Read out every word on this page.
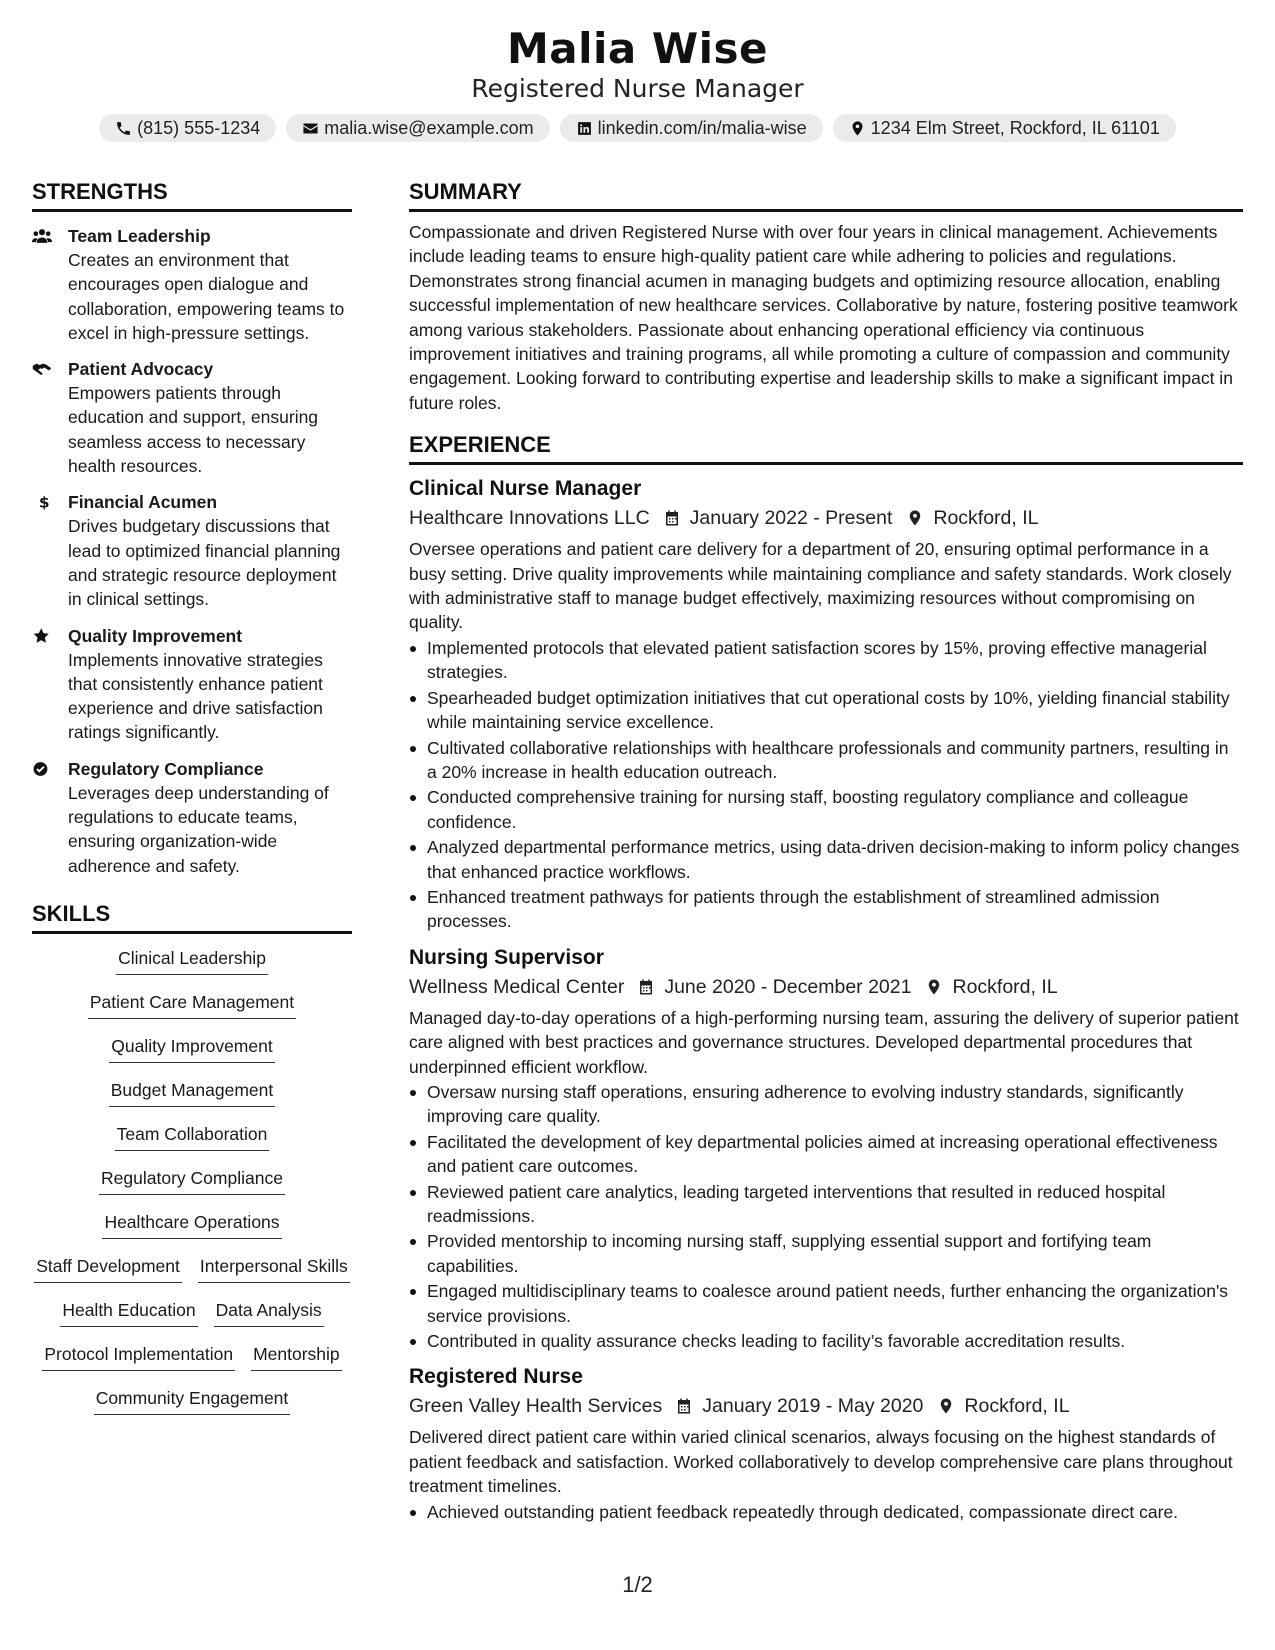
Malia Wise
Registered Nurse Manager
(815) 555-1234	malia.wise@example.com	linkedin.com/in/malia-wise	1234 Elm Street, Rockford, IL 61101
STRENGTHS
Team Leadership
Creates an environment that encourages open dialogue and collaboration, empowering teams to excel in high-pressure settings.
Patient Advocacy
Empowers patients through education and support, ensuring seamless access to necessary health resources.
$ Financial Acumen
Drives budgetary discussions that lead to optimized financial planning and strategic resource deployment in clinical settings.
Quality Improvement
Implements innovative strategies that consistently enhance patient experience and drive satisfaction ratings significantly.
Regulatory Compliance
Leverages deep understanding of regulations to educate teams, ensuring organization-wide adherence and safety.
SKILLS
Clinical Leadership
Patient Care Management
Quality Improvement
Budget Management
Team Collaboration
Regulatory Compliance
Healthcare Operations
Staff Development Interpersonal Skills
Health Education Data Analysis
Protocol Implementation Mentorship
Community Engagement
SUMMARY
Compassionate and driven Registered Nurse with over four years in clinical management. Achievements include leading teams to ensure high-quality patient care while adhering to policies and regulations. Demonstrates strong financial acumen in managing budgets and optimizing resource allocation, enabling successful implementation of new healthcare services. Collaborative by nature, fostering positive teamwork among various stakeholders. Passionate about enhancing operational efficiency via continuous improvement initiatives and training programs, all while promoting a culture of compassion and community engagement. Looking forward to contributing expertise and leadership skills to make a significant impact in future roles.
EXPERIENCE
Clinical Nurse Manager
Healthcare Innovations LLC January 2022 - Present Rockford, IL
Oversee operations and patient care delivery for a department of 20, ensuring optimal performance in a busy setting. Drive quality improvements while maintaining compliance and safety standards. Work closely with administrative staff to manage budget effectively, maximizing resources without compromising on quality.
Implemented protocols that elevated patient satisfaction scores by 15%, proving effective managerial strategies.
Spearheaded budget optimization initiatives that cut operational costs by 10%, yielding financial stability while maintaining service excellence.
Cultivated collaborative relationships with healthcare professionals and community partners, resulting in a 20% increase in health education outreach.
Conducted comprehensive training for nursing staff, boosting regulatory compliance and colleague confidence.
Analyzed departmental performance metrics, using data-driven decision-making to inform policy changes that enhanced practice workflows.
Enhanced treatment pathways for patients through the establishment of streamlined admission processes.
Nursing Supervisor
Wellness Medical Center June 2020 - December 2021 Rockford, IL
Managed day-to-day operations of a high-performing nursing team, assuring the delivery of superior patient care aligned with best practices and governance structures. Developed departmental procedures that underpinned efficient workflow.
Oversaw nursing staff operations, ensuring adherence to evolving industry standards, significantly improving care quality.
Facilitated the development of key departmental policies aimed at increasing operational effectiveness and patient care outcomes.
Reviewed patient care analytics, leading targeted interventions that resulted in reduced hospital readmissions.
Provided mentorship to incoming nursing staff, supplying essential support and fortifying team capabilities.
Engaged multidisciplinary teams to coalesce around patient needs, further enhancing the organization's service provisions.
Contributed in quality assurance checks leading to facility’s favorable accreditation results.
Registered Nurse
Green Valley Health Services January 2019 - May 2020 Rockford, IL
Delivered direct patient care within varied clinical scenarios, always focusing on the highest standards of patient feedback and satisfaction. Worked collaboratively to develop comprehensive care plans throughout treatment timelines.
Achieved outstanding patient feedback repeatedly through dedicated, compassionate direct care.
1/2
